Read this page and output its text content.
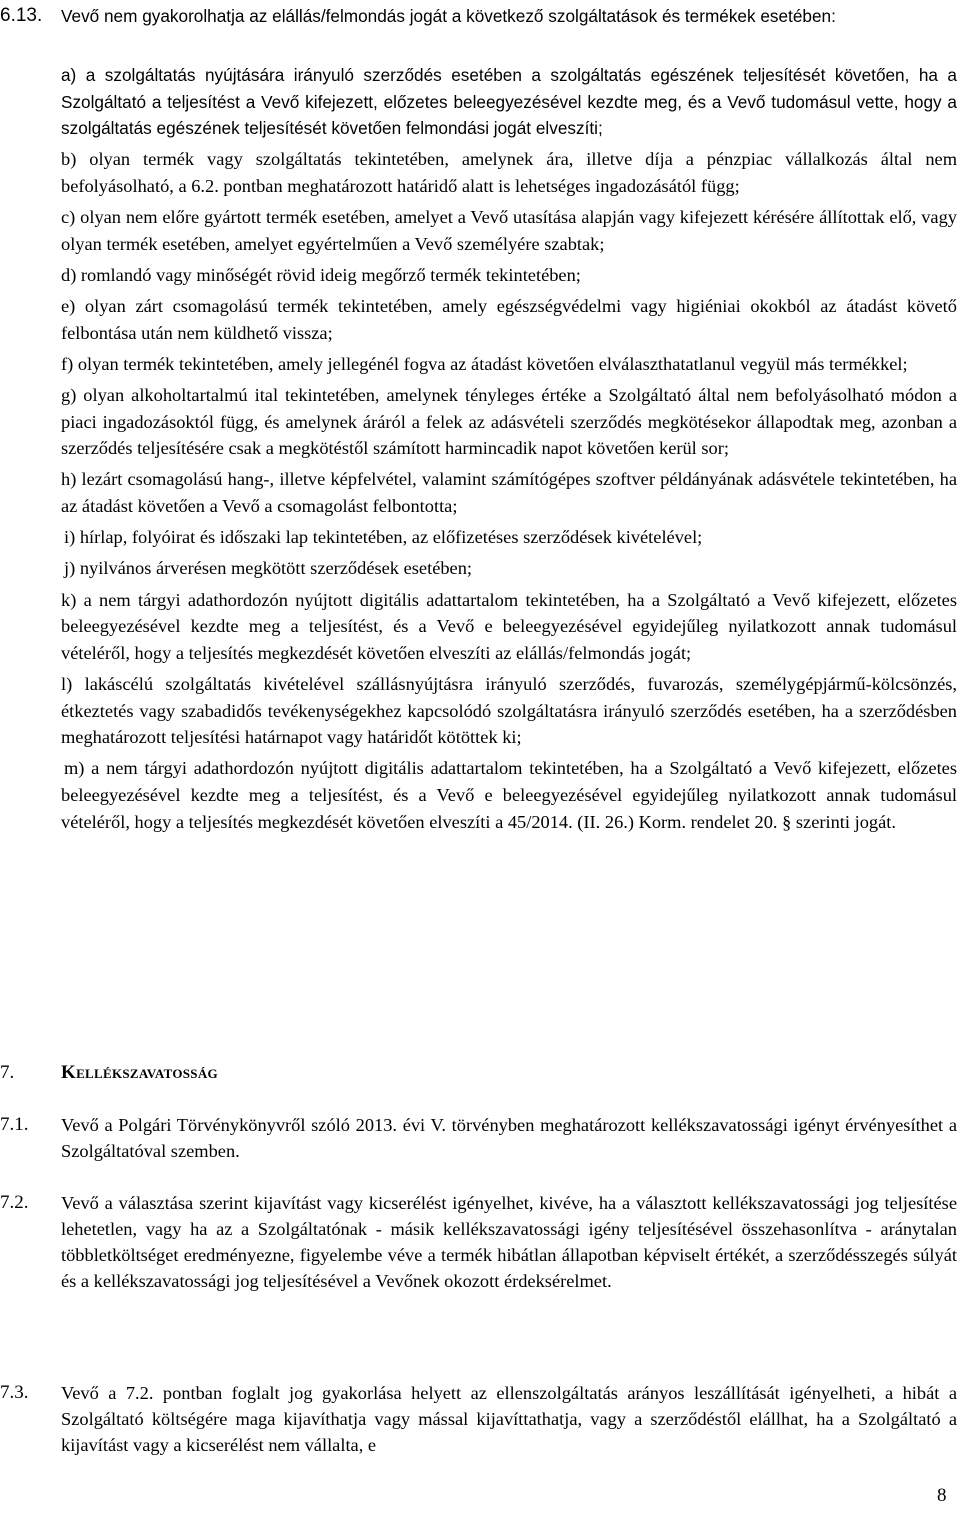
6.13. Vevő nem gyakorolhatja az elállás/felmondás jogát a következő szolgáltatások és termékek esetében:
a) a szolgáltatás nyújtására irányuló szerződés esetében a szolgáltatás egészének teljesítését követően, ha a Szolgáltató a teljesítést a Vevő kifejezett, előzetes beleegyezésével kezdte meg, és a Vevő tudomásul vette, hogy a szolgáltatás egészének teljesítését követően felmondási jogát elveszíti;
b) olyan termék vagy szolgáltatás tekintetében, amelynek ára, illetve díja a pénzpiac vállalkozás által nem befolyásolható, a 6.2. pontban meghatározott határidő alatt is lehetséges ingadozásától függ;
c) olyan nem előre gyártott termék esetében, amelyet a Vevő utasítása alapján vagy kifejezett kérésére állítottak elő, vagy olyan termék esetében, amelyet egyértelműen a Vevő személyére szabtak;
d) romlandó vagy minőségét rövid ideig megőrző termék tekintetében;
e) olyan zárt csomagolású termék tekintetében, amely egészségvédelmi vagy higiéniai okokból az átadást követő felbontása után nem küldhető vissza;
f) olyan termék tekintetében, amely jellegénél fogva az átadást követően elválaszthatatlanul vegyül más termékkel;
g) olyan alkoholtartalmú ital tekintetében, amelynek tényleges értéke a Szolgáltató által nem befolyásolható módon a piaci ingadozásoktól függ, és amelynek áráról a felek az adásvételi szerződés megkötésekor állapodtak meg, azonban a szerződés teljesítésére csak a megkötéstől számított harmincadik napot követően kerül sor;
h) lezárt csomagolású hang-, illetve képfelvétel, valamint számítógépes szoftver példányának adásvétele tekintetében, ha az átadást követően a Vevő a csomagolást felbontotta;
i) hírlap, folyóirat és időszaki lap tekintetében, az előfizetéses szerződések kivételével;
j) nyilvános árverésen megkötött szerződések esetében;
k) a nem tárgyi adathordozón nyújtott digitális adattartalom tekintetében, ha a Szolgáltató a Vevő kifejezett, előzetes beleegyezésével kezdte meg a teljesítést, és a Vevő e beleegyezésével egyidejűleg nyilatkozott annak tudomásul vételéről, hogy a teljesítés megkezdését követően elveszíti az elállás/felmondás jogát;
l) lakáscélú szolgáltatás kivételével szállásnyújtásra irányuló szerződés, fuvarozás, személygépjármű-kölcsönzés, étkeztetés vagy szabadidős tevékenységekhez kapcsolódó szolgáltatásra irányuló szerződés esetében, ha a szerződésben meghatározott teljesítési határnapot vagy határidőt kötöttek ki;
m) a nem tárgyi adathordozón nyújtott digitális adattartalom tekintetében, ha a Szolgáltató a Vevő kifejezett, előzetes beleegyezésével kezdte meg a teljesítést, és a Vevő e beleegyezésével egyidejűleg nyilatkozott annak tudomásul vételéről, hogy a teljesítés megkezdését követően elveszíti a 45/2014. (II. 26.) Korm. rendelet 20. § szerinti jogát.
7. Kellékszavatosság
7.1. Vevő a Polgári Törvénykönyvről szóló 2013. évi V. törvényben meghatározott kellékszavatossági igényt érvényesíthet a Szolgáltatóval szemben.
7.2. Vevő a választása szerint kijavítást vagy kicserélést igényelhet, kivéve, ha a választott kellékszavatossági jog teljesítése lehetetlen, vagy ha az a Szolgáltatónak - másik kellékszavatossági igény teljesítésével összehasonlítva - aránytalan többletköltséget eredményezne, figyelembe véve a termék hibátlan állapotban képviselt értékét, a szerződésszegés súlyát és a kellékszavatossági jog teljesítésével a Vevőnek okozott érdeksérelmet.
7.3. Vevő a 7.2. pontban foglalt jog gyakorlása helyett az ellenszolgáltatás arányos leszállítását igényelheti, a hibát a Szolgáltató költségére maga kijavíthatja vagy mással kijavíttathatja, vagy a szerződéstől elállhat, ha a Szolgáltató a kijavítást vagy a kicserélést nem vállalta, e
8
